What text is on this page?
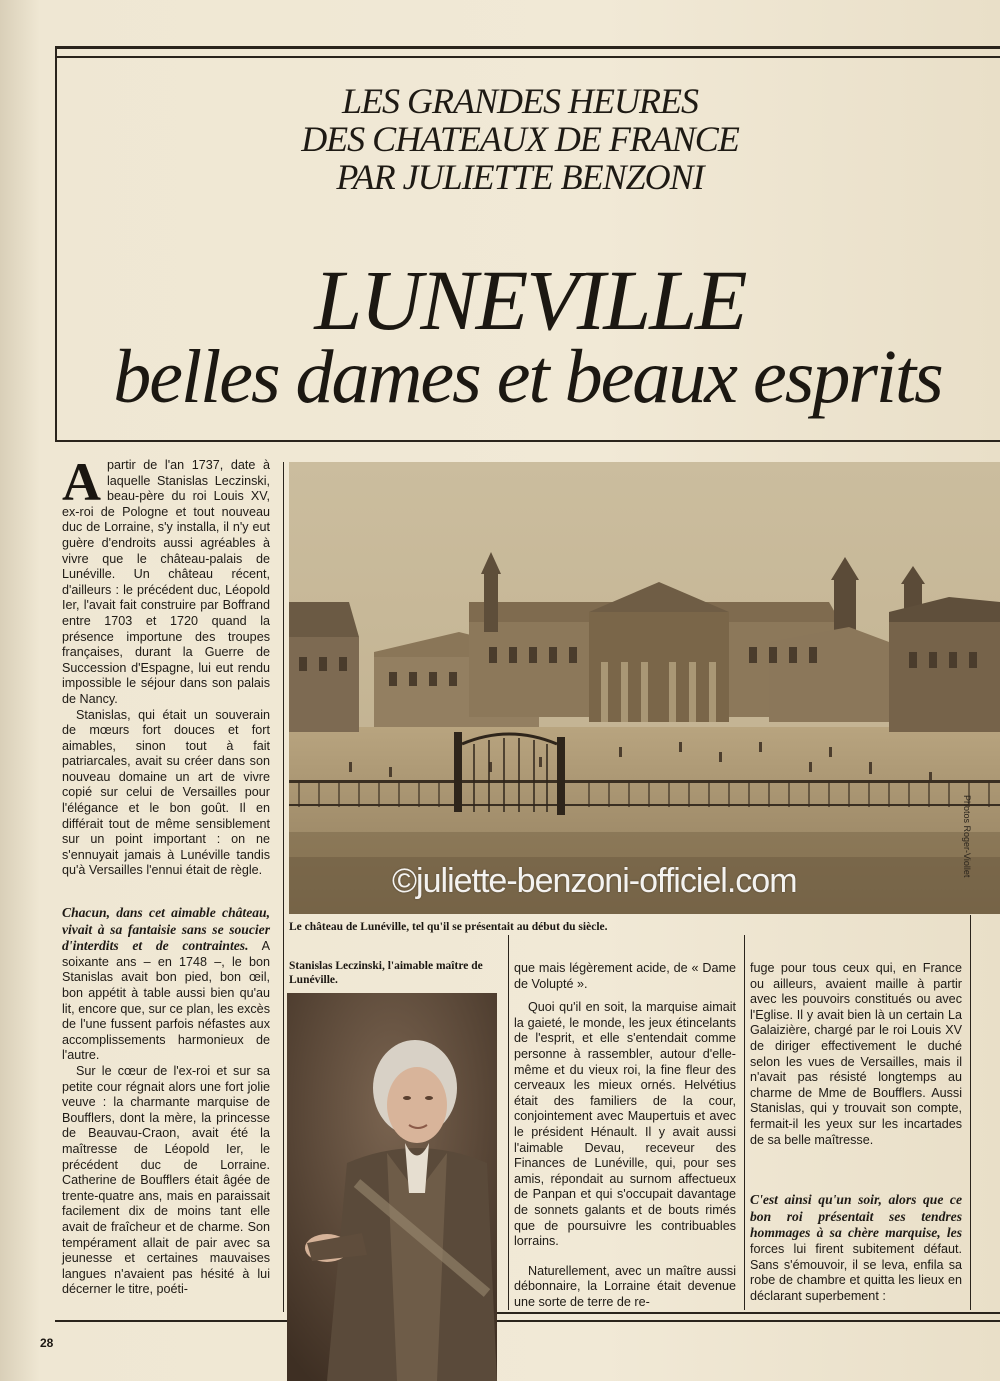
LES GRANDES HEURES
DES CHATEAUX DE FRANCE
PAR JULIETTE BENZONI
LUNEVILLE
belles dames et beaux esprits

Apartir de l'an 1737, date à laquelle Stanislas Leczinski, beau-père du roi Louis XV, ex-roi de Pologne et tout nouveau duc de Lorraine, s'y installa, il n'y eut guère d'endroits aussi agréables à vivre que le château-palais de Lunéville. Un château récent, d'ailleurs : le précédent duc, Léopold Ier, l'avait fait construire par Boffrand entre 1703 et 1720 quand la présence importune des troupes françaises, durant la Guerre de Succession d'Espagne, lui eut rendu impossible le séjour dans son palais de Nancy.

Stanislas, qui était un souverain de mœurs fort douces et fort aimables, sinon tout à fait patriarcales, avait su créer dans son nouveau domaine un art de vivre copié sur celui de Versailles pour l'élégance et le bon goût. Il en différait tout de même sensiblement sur un point important : on ne s'ennuyait jamais à Lunéville tandis qu'à Versailles l'ennui était de règle.

Chacun, dans cet aimable château, vivait à sa fantaisie sans se soucier d'interdits et de contraintes. A soixante ans – en 1748 –, le bon Stanislas avait bon pied, bon œil, bon appétit à table aussi bien qu'au lit, encore que, sur ce plan, les excès de l'une fussent parfois néfastes aux accomplissements harmonieux de l'autre.

Sur le cœur de l'ex-roi et sur sa petite cour régnait alors une fort jolie veuve : la charmante marquise de Boufflers, dont la mère, la princesse de Beauvau-Craon, avait été la maîtresse de Léopold Ier, le précédent duc de Lorraine. Catherine de Boufflers était âgée de trente-quatre ans, mais en paraissait facilement dix de moins tant elle avait de fraîcheur et de charme. Son tempérament allait de pair avec sa jeunesse et certaines mauvaises langues n'avaient pas hésité à lui décerner le titre, poéti-

©juliette-benzoni-officiel.com
Photos Roger-Viollet
Le château de Lunéville, tel qu'il se présentait au début du siècle.
Stanislas Leczinski, l'aimable maître de Lunéville.

que mais légèrement acide, de « Dame de Volupté ».

Quoi qu'il en soit, la marquise aimait la gaieté, le monde, les jeux étincelants de l'esprit, et elle s'entendait comme personne à rassembler, autour d'elle-même et du vieux roi, la fine fleur des cerveaux les mieux ornés. Helvétius était des familiers de la cour, conjointement avec Maupertuis et avec le président Hénault. Il y avait aussi l'aimable Devau, receveur des Finances de Lunéville, qui, pour ses amis, répondait au surnom affectueux de Panpan et qui s'occupait davantage de sonnets galants et de bouts rimés que de poursuivre les contribuables lorrains.

Naturellement, avec un maître aussi débonnaire, la Lorraine était devenue une sorte de terre de re-

fuge pour tous ceux qui, en France ou ailleurs, avaient maille à partir avec les pouvoirs constitués ou avec l'Eglise. Il y avait bien là un certain La Galaizière, chargé par le roi Louis XV de diriger effectivement le duché selon les vues de Versailles, mais il n'avait pas résisté longtemps au charme de Mme de Boufflers. Aussi Stanislas, qui y trouvait son compte, fermait-il les yeux sur les incartades de sa belle maîtresse.

C'est ainsi qu'un soir, alors que ce bon roi présentait ses tendres hommages à sa chère marquise, les forces lui firent subitement défaut. Sans s'émouvoir, il se leva, enfila sa robe de chambre et quitta les lieux en déclarant superbement :

28
